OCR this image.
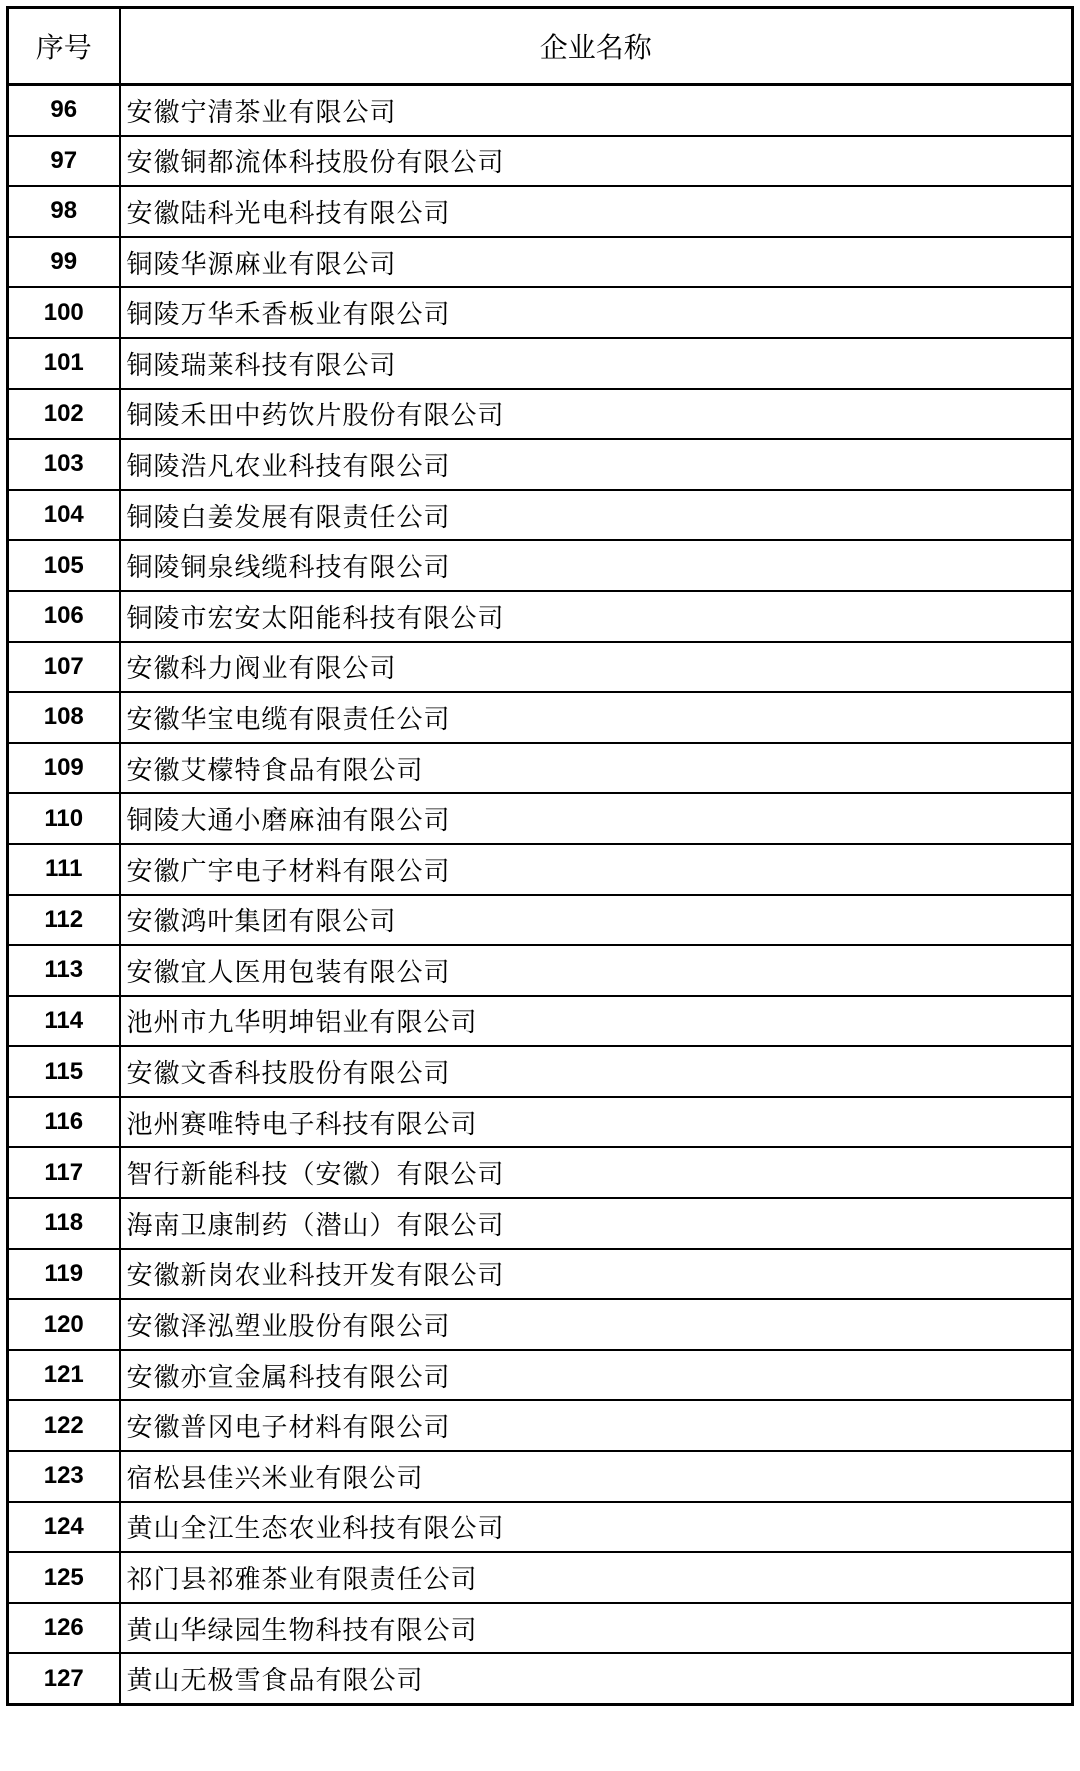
序号	企业名称
96	安徽宁清茶业有限公司
97	安徽铜都流体科技股份有限公司
98	安徽陆科光电科技有限公司
99	铜陵华源麻业有限公司
100	铜陵万华禾香板业有限公司
101	铜陵瑞莱科技有限公司
102	铜陵禾田中药饮片股份有限公司
103	铜陵浩凡农业科技有限公司
104	铜陵白姜发展有限责任公司
105	铜陵铜泉线缆科技有限公司
106	铜陵市宏安太阳能科技有限公司
107	安徽科力阀业有限公司
108	安徽华宝电缆有限责任公司
109	安徽艾檬特食品有限公司
110	铜陵大通小磨麻油有限公司
111	安徽广宇电子材料有限公司
112	安徽鸿叶集团有限公司
113	安徽宜人医用包装有限公司
114	池州市九华明坤铝业有限公司
115	安徽文香科技股份有限公司
116	池州赛唯特电子科技有限公司
117	智行新能科技（安徽）有限公司
118	海南卫康制药（潜山）有限公司
119	安徽新岗农业科技开发有限公司
120	安徽泽泓塑业股份有限公司
121	安徽亦宣金属科技有限公司
122	安徽普冈电子材料有限公司
123	宿松县佳兴米业有限公司
124	黄山全江生态农业科技有限公司
125	祁门县祁雅茶业有限责任公司
126	黄山华绿园生物科技有限公司
127	黄山无极雪食品有限公司
